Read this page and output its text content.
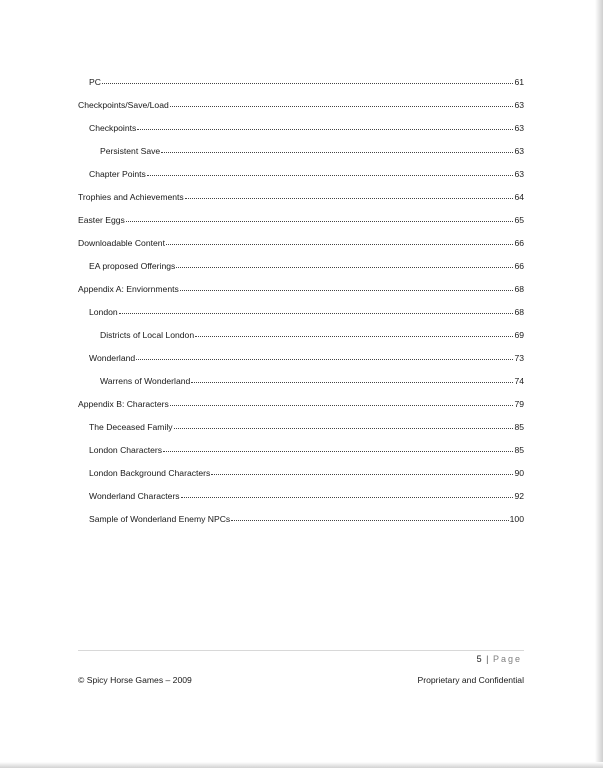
PC	61
Checkpoints/Save/Load	63
Checkpoints	63
Persistent Save	63
Chapter Points	63
Trophies and Achievements	64
Easter Eggs	65
Downloadable Content	66
EA proposed Offerings	66
Appendix A: Enviornments	68
London	68
Districts of Local London	69
Wonderland	73
Warrens of Wonderland	74
Appendix B: Characters	79
The Deceased Family	85
London Characters	85
London Background Characters	90
Wonderland Characters	92
Sample of Wonderland Enemy NPCs	100
5 | Page
© Spicy Horse Games – 2009	Proprietary and Confidential
